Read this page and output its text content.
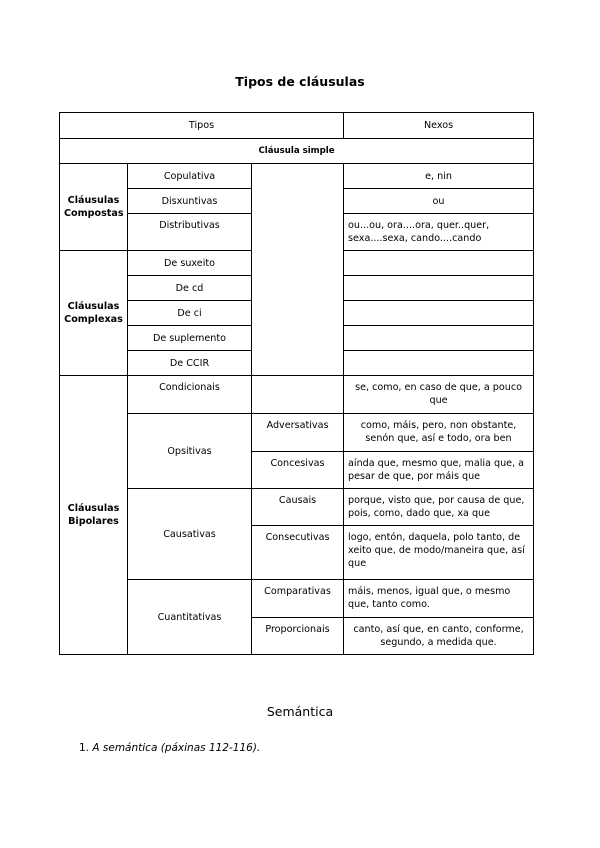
Tipos de cláusulas
Tipos			Nexos
Cláusula simple			
Cláusulas Compostas	Copulativa		e, nin
	Disxuntivas		ou
	Distributivas		ou...ou, ora....ora, quer..quer, sexa....sexa, cando....cando
Cláusulas Complexas	De suxeito		
	De cd		
	De ci		
	De suplemento		
	De CCIR		
Cláusulas Bipolares	Condicionais		se, como, en caso de que, a pouco que
	Opsitivas	Adversativas	como, máis, pero, non obstante, senón que, así e todo, ora ben
		Concesivas	aínda que, mesmo que, malia que, a pesar de que, por máis que
	Causativas	Causais	porque, visto que, por causa de que, pois, como, dado que, xa que
		Consecutivas	logo, entón, daquela, polo tanto, de xeito que, de modo/maneira que, así que
	Cuantitativas	Comparativas	máis, menos, igual que, o mesmo que, tanto como.
		Proporcionais	canto, así que, en canto, conforme, segundo, a medida que.
Semántica
1. A semántica (páxinas 112-116).
